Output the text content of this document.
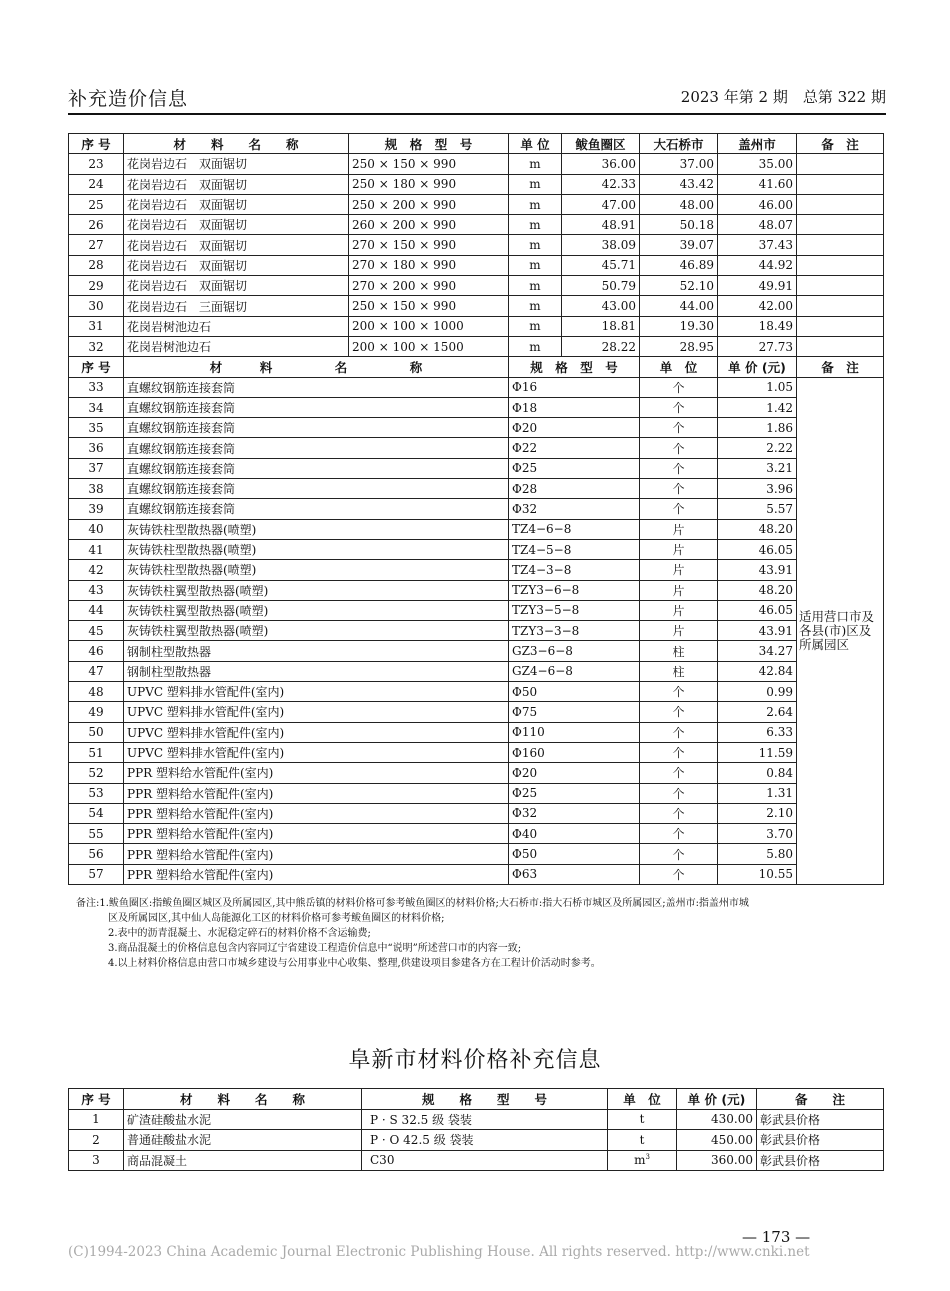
补充造价信息	2023 年第 2 期　总第 322 期
序 号	材　　料　　名　　称	规　格　型　号	单 位	鲅鱼圈区	大石桥市	盖州市	备　注
23	花岗岩边石　双面锯切	250 × 150 × 990	m	36.00	37.00	35.00	
24	花岗岩边石　双面锯切	250 × 180 × 990	m	42.33	43.42	41.60	
25	花岗岩边石　双面锯切	250 × 200 × 990	m	47.00	48.00	46.00	
26	花岗岩边石　双面锯切	260 × 200 × 990	m	48.91	50.18	48.07	
27	花岗岩边石　双面锯切	270 × 150 × 990	m	38.09	39.07	37.43	
28	花岗岩边石　双面锯切	270 × 180 × 990	m	45.71	46.89	44.92	
29	花岗岩边石　双面锯切	270 × 200 × 990	m	50.79	52.10	49.91	
30	花岗岩边石　三面锯切	250 × 150 × 990	m	43.00	44.00	42.00	
31	花岗岩树池边石	200 × 100 × 1000	m	18.81	19.30	18.49	
32	花岗岩树池边石	200 × 100 × 1500	m	28.22	28.95	27.73	
序 号	材　　　料　　　　　名　　　　　称		规　格　型　号		单　位	单 价 (元)	备　注
33	直螺纹钢筋连接套筒		Φ16		个	1.05	适用营口市及各县(市)区及所属园区
34	直螺纹钢筋连接套筒		Φ18		个	1.42	
35	直螺纹钢筋连接套筒		Φ20		个	1.86	
36	直螺纹钢筋连接套筒		Φ22		个	2.22	
37	直螺纹钢筋连接套筒		Φ25		个	3.21	
38	直螺纹钢筋连接套筒		Φ28		个	3.96	
39	直螺纹钢筋连接套筒		Φ32		个	5.57	
40	灰铸铁柱型散热器(喷塑)		TZ4−6−8		片	48.20	
41	灰铸铁柱型散热器(喷塑)		TZ4−5−8		片	46.05	
42	灰铸铁柱型散热器(喷塑)		TZ4−3−8		片	43.91	
43	灰铸铁柱翼型散热器(喷塑)		TZY3−6−8		片	48.20	
44	灰铸铁柱翼型散热器(喷塑)		TZY3−5−8		片	46.05	
45	灰铸铁柱翼型散热器(喷塑)		TZY3−3−8		片	43.91	
46	钢制柱型散热器		GZ3−6−8		柱	34.27	
47	钢制柱型散热器		GZ4−6−8		柱	42.84	
48	UPVC 塑料排水管配件(室内)		Φ50		个	0.99	
49	UPVC 塑料排水管配件(室内)		Φ75		个	2.64	
50	UPVC 塑料排水管配件(室内)		Φ110		个	6.33	
51	UPVC 塑料排水管配件(室内)		Φ160		个	11.59	
52	PPR 塑料给水管配件(室内)		Φ20		个	0.84	
53	PPR 塑料给水管配件(室内)		Φ25		个	1.31	
54	PPR 塑料给水管配件(室内)		Φ32		个	2.10	
55	PPR 塑料给水管配件(室内)		Φ40		个	3.70	
56	PPR 塑料给水管配件(室内)		Φ50		个	5.80	
57	PPR 塑料给水管配件(室内)		Φ63		个	10.55	
备注:1.鲅鱼圈区:指鲅鱼圈区城区及所属园区,其中熊岳镇的材料价格可参考鲅鱼圈区的材料价格;大石桥市:指大石桥市城区及所属园区;盖州市:指盖州市城
区及所属园区,其中仙人岛能源化工区的材料价格可参考鲅鱼圈区的材料价格;
2.表中的沥青混凝土、水泥稳定碎石的材料价格不含运输费;
3.商品混凝土的价格信息包含内容同辽宁省建设工程造价信息中“说明”所述营口市的内容一致;
4.以上材料价格信息由营口市城乡建设与公用事业中心收集、整理,供建设项目参建各方在工程计价活动时参考。
阜新市材料价格补充信息
序 号	材　　料　　名　　称	规　　格　　型　　号	单　位	单 价 (元)	备　　注
1	矿渣硅酸盐水泥	P · S 32.5 级 袋装	t	430.00	彰武县价格
2	普通硅酸盐水泥	P · O 42.5 级 袋装	t	450.00	彰武县价格
3	商品混凝土	C30	$m^3$	360.00	彰武县价格
— 173 —
(C)1994-2023 China Academic Journal Electronic Publishing House. All rights reserved. http://www.cnki.net
